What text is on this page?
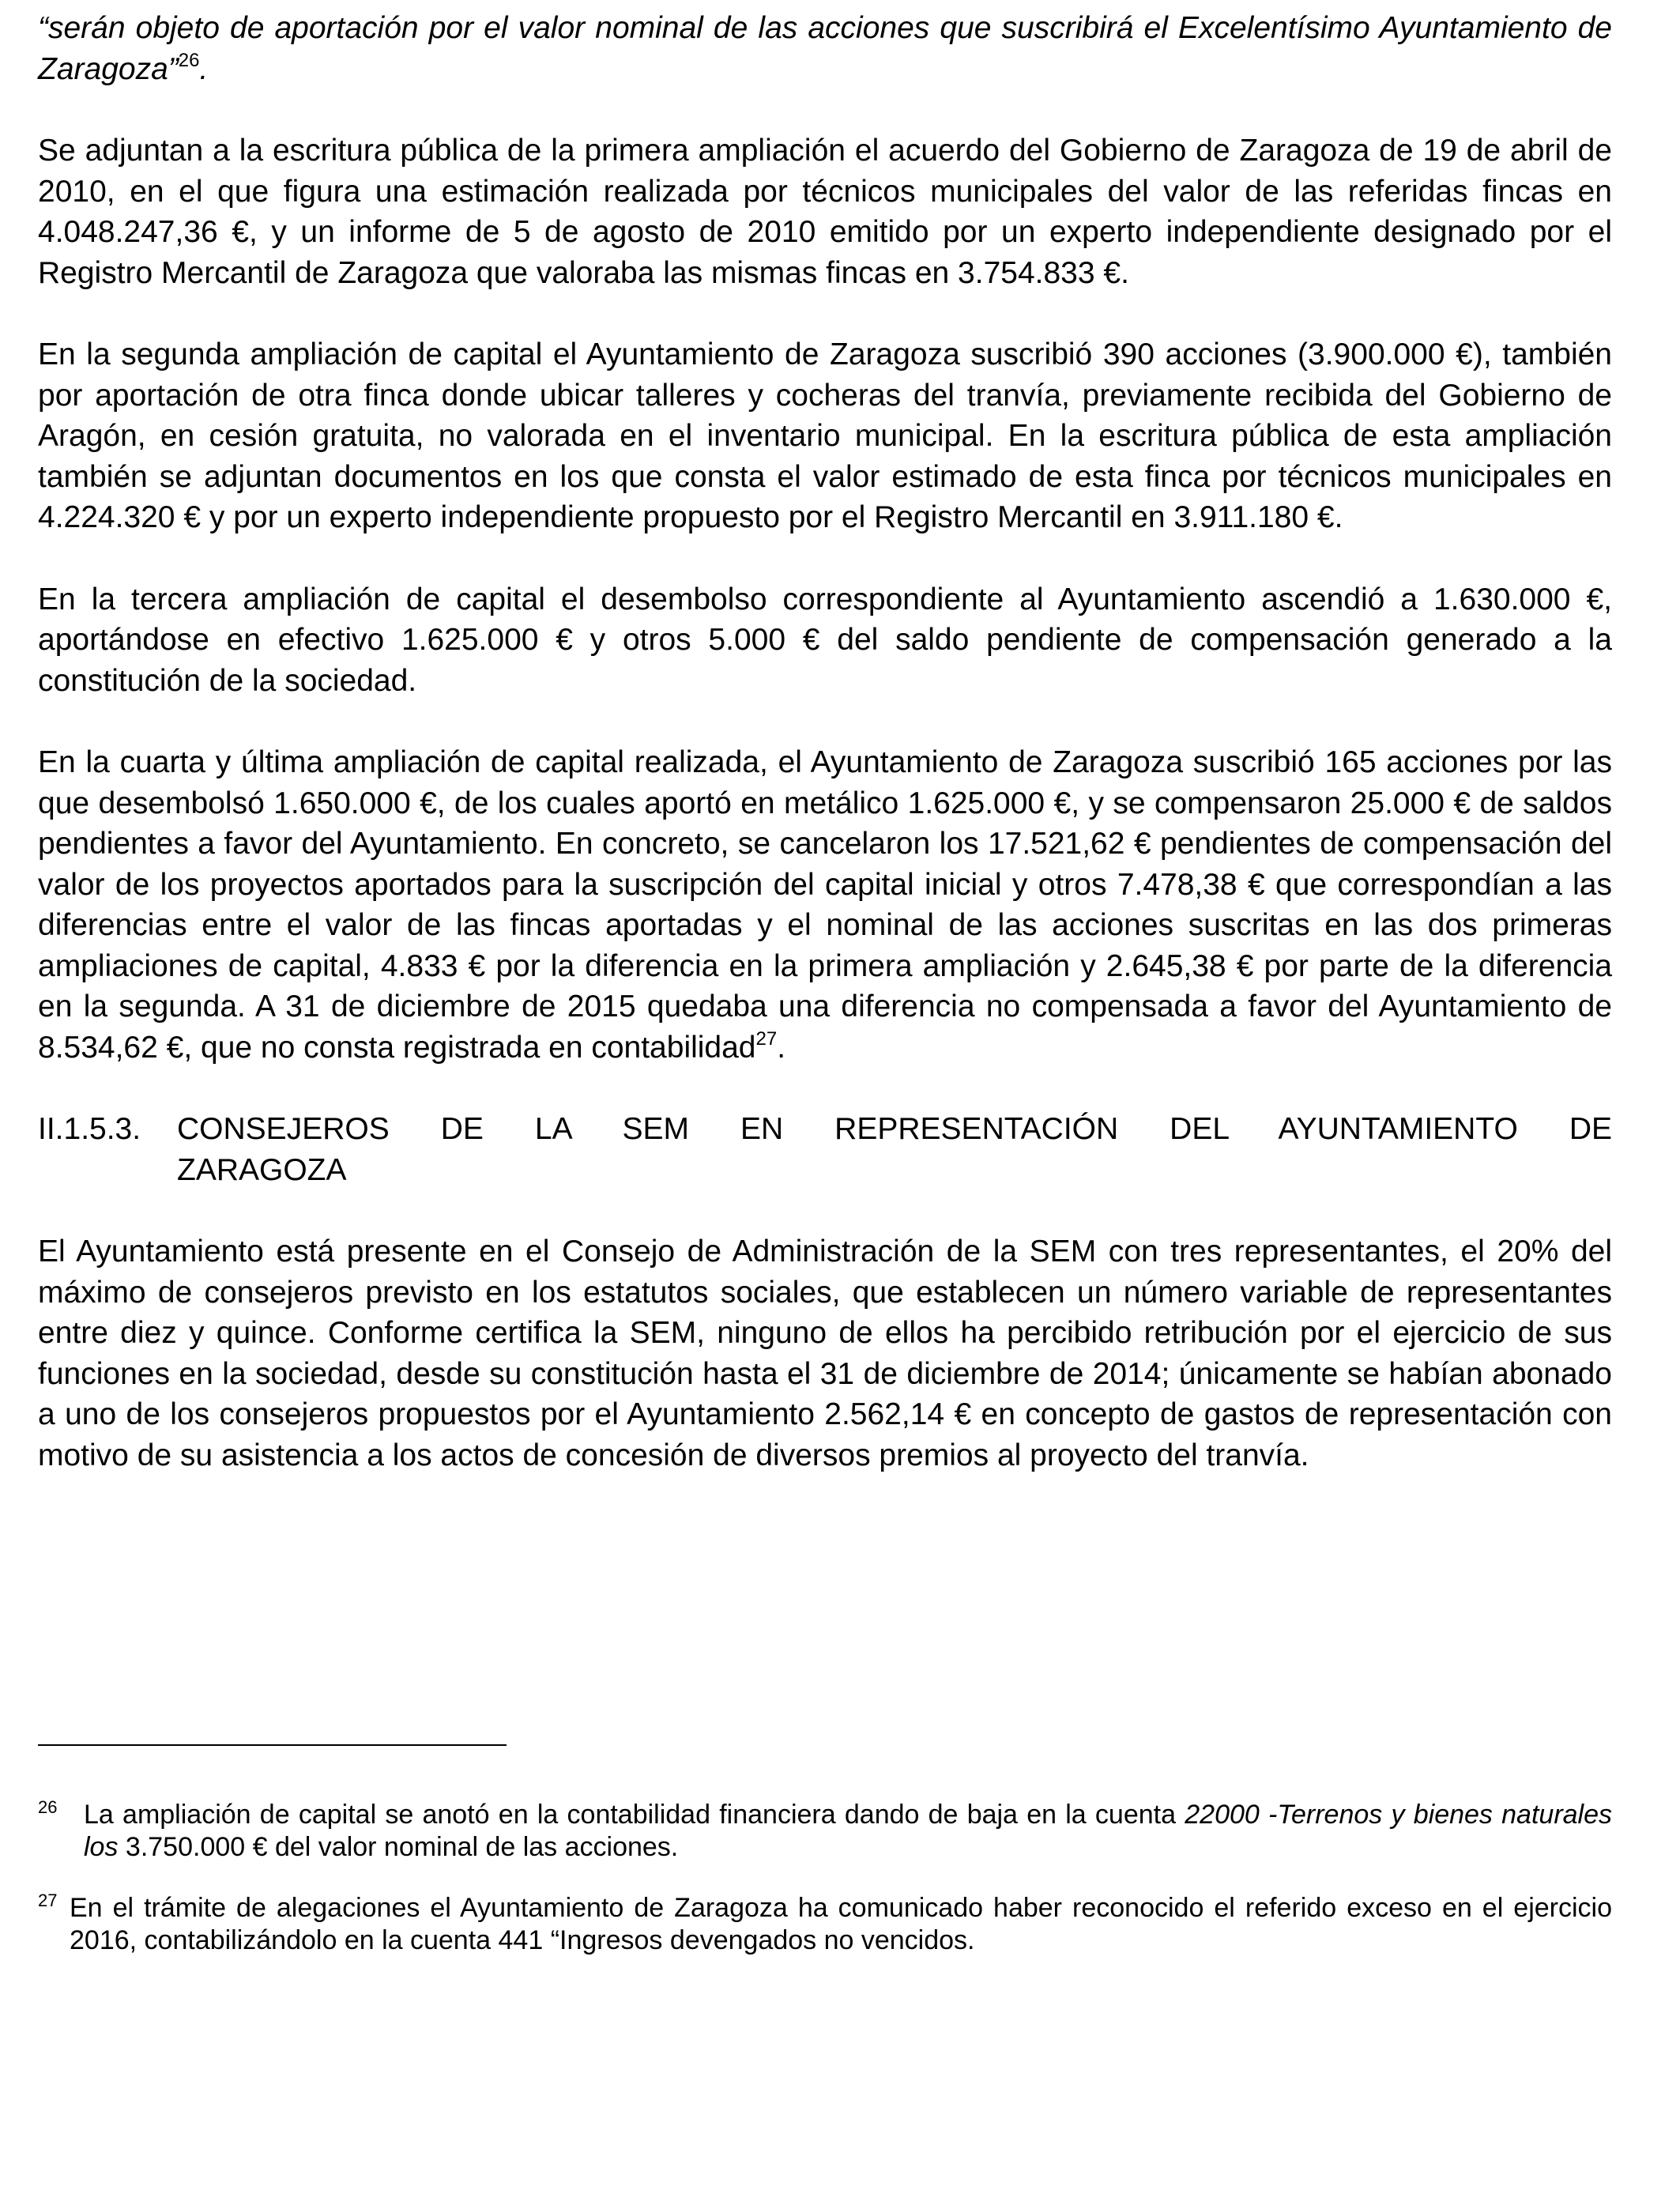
“serán objeto de aportación por el valor nominal de las acciones que suscribirá el Excelentísimo Ayuntamiento de Zaragoza”$^{26}$.

Se adjuntan a la escritura pública de la primera ampliación el acuerdo del Gobierno de Zaragoza de 19 de abril de 2010, en el que figura una estimación realizada por técnicos municipales del valor de las referidas fincas en 4.048.247,36 €, y un informe de 5 de agosto de 2010 emitido por un experto independiente designado por el Registro Mercantil de Zaragoza que valoraba las mismas fincas en 3.754.833 €.

En la segunda ampliación de capital el Ayuntamiento de Zaragoza suscribió 390 acciones (3.900.000 €), también por aportación de otra finca donde ubicar talleres y cocheras del tranvía, previamente recibida del Gobierno de Aragón, en cesión gratuita, no valorada en el inventario municipal. En la escritura pública de esta ampliación también se adjuntan documentos en los que consta el valor estimado de esta finca por técnicos municipales en 4.224.320 € y por un experto independiente propuesto por el Registro Mercantil en 3.911.180 €.

En la tercera ampliación de capital el desembolso correspondiente al Ayuntamiento ascendió a 1.630.000 €, aportándose en efectivo 1.625.000 € y otros 5.000 € del saldo pendiente de compensación generado a la constitución de la sociedad.

En la cuarta y última ampliación de capital realizada, el Ayuntamiento de Zaragoza suscribió 165 acciones por las que desembolsó 1.650.000 €, de los cuales aportó en metálico 1.625.000 €, y se compensaron 25.000 € de saldos pendientes a favor del Ayuntamiento. En concreto, se cancelaron los 17.521,62 € pendientes de compensación del valor de los proyectos aportados para la suscripción del capital inicial y otros 7.478,38 € que correspondían a las diferencias entre el valor de las fincas aportadas y el nominal de las acciones suscritas en las dos primeras ampliaciones de capital, 4.833 € por la diferencia en la primera ampliación y 2.645,38 € por parte de la diferencia en la segunda. A 31 de diciembre de 2015 quedaba una diferencia no compensada a favor del Ayuntamiento de 8.534,62 €, que no consta registrada en contabilidad$^{27}$.

II.1.5.3.	CONSEJEROS DE LA SEM EN REPRESENTACIÓN DEL AYUNTAMIENTO DE
ZARAGOZA

El Ayuntamiento está presente en el Consejo de Administración de la SEM con tres representantes, el 20% del máximo de consejeros previsto en los estatutos sociales, que establecen un número variable de representantes entre diez y quince. Conforme certifica la SEM, ninguno de ellos ha percibido retribución por el ejercicio de sus funciones en la sociedad, desde su constitución hasta el 31 de diciembre de 2014; únicamente se habían abonado a uno de los consejeros propuestos por el Ayuntamiento 2.562,14 € en concepto de gastos de representación con motivo de su asistencia a los actos de concesión de diversos premios al proyecto del tranvía.

26 La ampliación de capital se anotó en la contabilidad financiera dando de baja en la cuenta 22000 -Terrenos y bienes naturales los 3.750.000 € del valor nominal de las acciones.
27 En el trámite de alegaciones el Ayuntamiento de Zaragoza ha comunicado haber reconocido el referido exceso en el ejercicio 2016, contabilizándolo en la cuenta 441 “Ingresos devengados no vencidos.
